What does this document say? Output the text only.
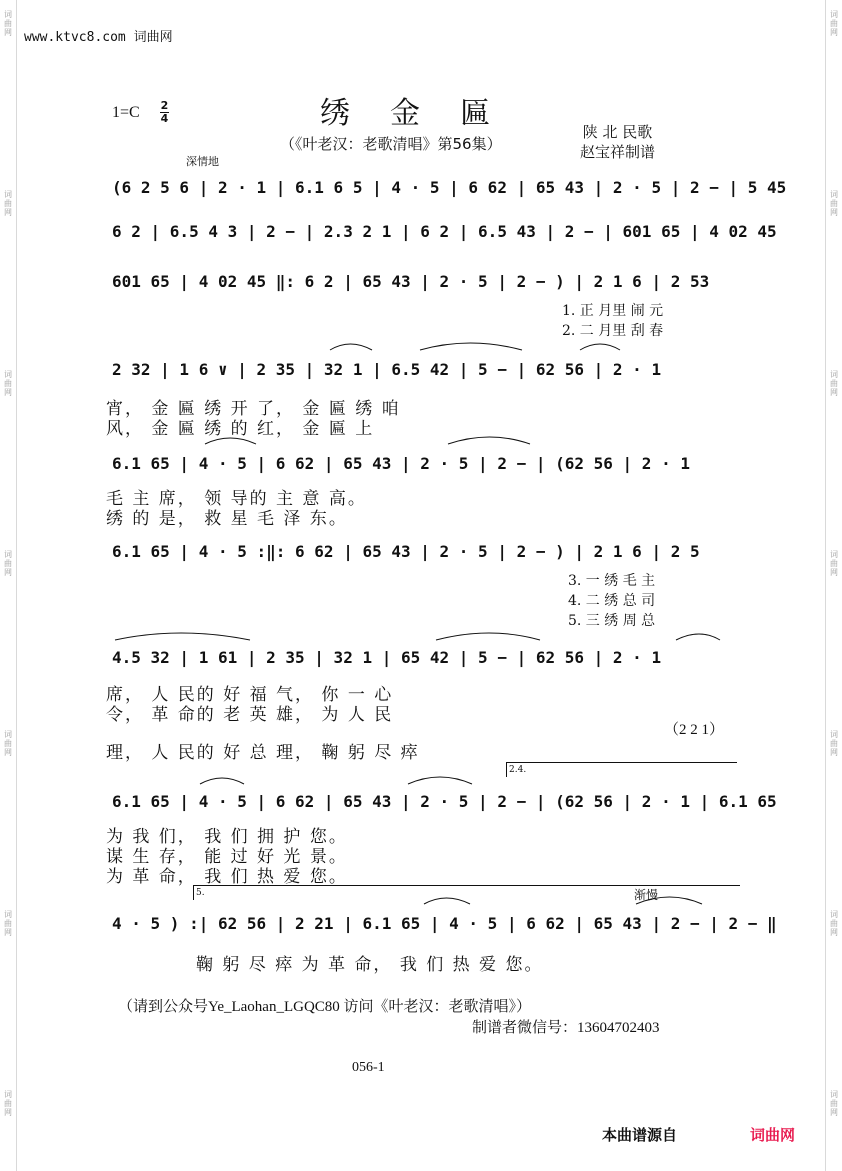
词曲网
词曲网
词曲网
词曲网
词曲网
词曲网
词曲网
词曲网
词曲网
词曲网
词曲网
词曲网
词曲网
词曲网
www.ktvc8.com 词曲网
1=C 2
4	绣金匾
（《叶老汉：老歌清唱》第56集）
陕 北 民歌
赵宝祥制谱
深情地
(6 2 5 6 | 2 · 1 | 6.1 6 5 | 4 · 5 | 6 62 | 65 43 | 2 · 5 | 2 − | 5 45
6 2 | 6.5 4 3 | 2 − | 2.3 2 1 | 6 2 | 6.5 43 | 2 − | 601 65 | 4 02 45
601 65 | 4 02 45 ‖: 6 2 | 65 43 | 2 · 5 | 2 − ) | 2 1 6 | 2 53
1. 正 月里 闹 元
2. 二 月里 刮 春
2 32 | 1 6 ∨ | 2 35 | 32 1 | 6.5 42 | 5 − | 62 56 | 2 · 1
宵， 金 匾 绣 开 了， 金 匾 绣 咱
风， 金 匾 绣 的 红， 金 匾 上
6.1 65 | 4 · 5 | 6 62 | 65 43 | 2 · 5 | 2 − | (62 56 | 2 · 1
毛 主 席， 领 导的 主 意 高。
绣 的 是， 救 星 毛 泽 东。
6.1 65 | 4 · 5 :‖: 6 62 | 65 43 | 2 · 5 | 2 − ) | 2 1 6 | 2 5
3. 一 绣 毛 主
4. 二 绣 总 司
5. 三 绣 周 总
4.5 32 | 1 61 | 2 35 | 32 1 | 65 42 | 5 − | 62 56 | 2 · 1
席， 人 民的 好 福 气， 你 一 心
令， 革 命的 老 英 雄， 为 人 民
（2 2 1）
理， 人 民的 好 总 理， 鞠 躬 尽 瘁
2.4.
6.1 65 | 4 · 5 | 6 62 | 65 43 | 2 · 5 | 2 − | (62 56 | 2 · 1 | 6.1 65
为 我 们， 我 们 拥 护 您。
谋 生 存， 能 过 好 光 景。
为 革 命， 我 们 热 爱 您。
5.	渐慢
4 · 5 ) :| 62 56 | 2 21 | 6.1 65 | 4 · 5 | 6 62 | 65 43 | 2 − | 2 − ‖
鞠 躬 尽 瘁 为 革 命， 我 们 热 爱 您。
（请到公众号Ye_Laohan_LGQC80 访问《叶老汉：老歌清唱》）
制谱者微信号：13604702403
056-1
本曲谱源自	词曲网
